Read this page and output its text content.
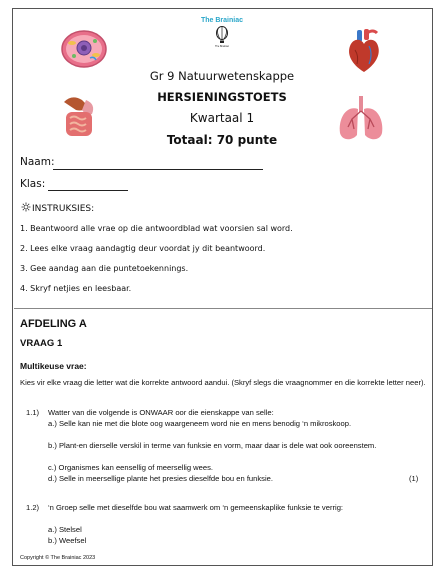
The Brainiac
The Brainiac
Gr 9 Natuurwetenskappe
HERSIENINGSTOETS
Kwartaal 1
Totaal: 70 punte
Naam:
Klas:
INSTRUKSIES:
1. Beantwoord alle vrae op die antwoordblad wat voorsien sal word.
2. Lees elke vraag aandagtig deur voordat jy dit beantwoord.
3. Gee aandag aan die puntetoekennings.
4. Skryf netjies en leesbaar.
AFDELING A
VRAAG 1
Multikeuse vrae:
Kies vir elke vraag die letter wat die korrekte antwoord aandui. (Skryf slegs die vraagnommer en die korrekte letter neer).
1.1) Watter van die volgende is ONWAAR oor die eienskappe van selle:
a.) Selle kan nie met die blote oog waargeneem word nie en mens benodig ‘n mikroskoop.
b.) Plant-en dierselle verskil in terme van funksie en vorm, maar daar is dele wat ook ooreenstem.
c.) Organismes kan eensellig of meersellig wees.
d.) Selle in meersellige plante het presies dieselfde bou en funksie.	(1)
1.2) ‘n Groep selle met dieselfde bou wat saamwerk om ‘n gemeenskaplike funksie te verrig:
a.) Stelsel
b.) Weefsel
Copyright © The Brainiac 2023
